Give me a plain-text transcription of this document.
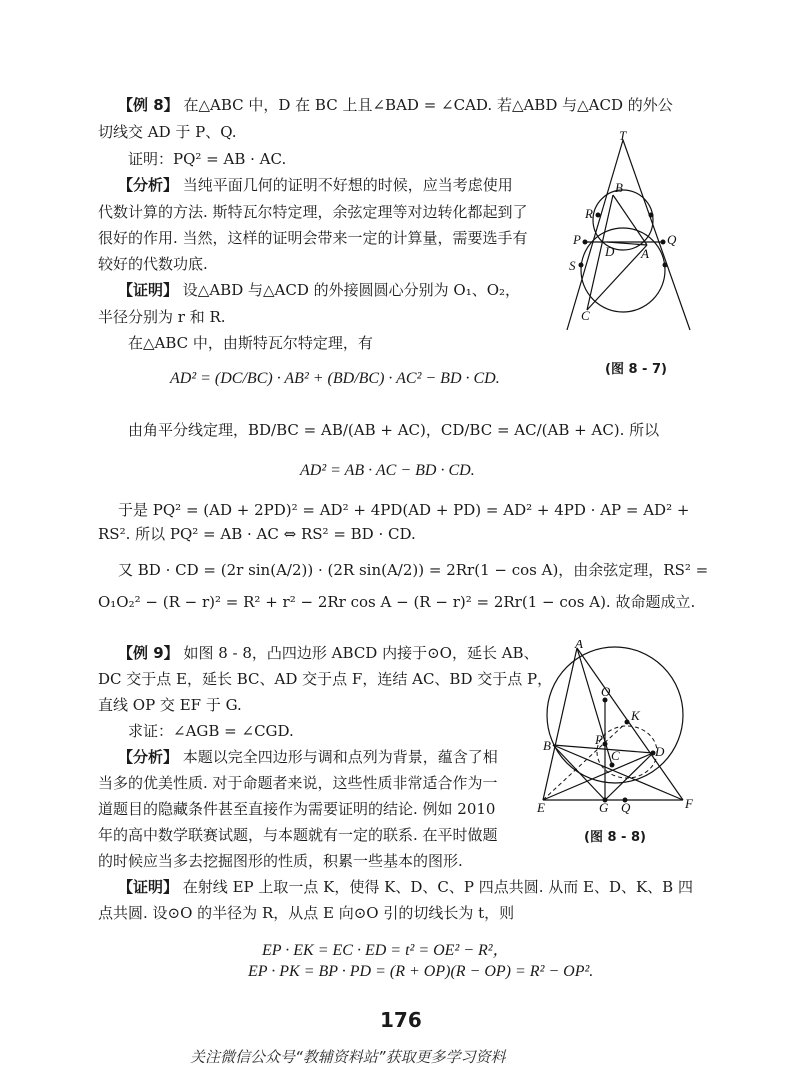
【例 8】 在△ABC 中，D 在 BC 上且∠BAD = ∠CAD. 若△ABD 与△ACD 的外公
切线交 AD 于 P、Q.
证明：PQ² = AB · AC.
【分析】 当纯平面几何的证明不好想的时候，应当考虑使用
代数计算的方法. 斯特瓦尔特定理，余弦定理等对边转化都起到了
很好的作用. 当然，这样的证明会带来一定的计算量，需要选手有
较好的代数功底.
【证明】 设△ABD 与△ACD 的外接圆圆心分别为 O₁、O₂，
半径分别为 r 和 R.
在△ABC 中，由斯特瓦尔特定理，有
AD² = (DC/BC) · AB² + (BD/BC) · AC² − BD · CD.
由角平分线定理，BD/BC = AB/(AB + AC)，CD/BC = AC/(AB + AC). 所以
AD² = AB · AC − BD · CD.
于是 PQ² = (AD + 2PD)² = AD² + 4PD(AD + PD) = AD² + 4PD · AP = AD² +
RS². 所以 PQ² = AB · AC ⇔ RS² = BD · CD.
又 BD · CD = (2r sin(A/2)) · (2R sin(A/2)) = 2Rr(1 − cos A)，由余弦定理，RS² =
O₁O₂² − (R − r)² = R² + r² − 2Rr cos A − (R − r)² = 2Rr(1 − cos A). 故命题成立.
T
B
R
P
D A
Q
S
C
(图 8 - 7)
【例 9】 如图 8 - 8，凸四边形 ABCD 内接于⊙O，延长 AB、
DC 交于点 E，延长 BC、AD 交于点 F，连结 AC、BD 交于点 P，
直线 OP 交 EF 于 G.
求证：∠AGB = ∠CGD.
【分析】 本题以完全四边形与调和点列为背景，蕴含了相
当多的优美性质. 对于命题者来说，这些性质非常适合作为一
道题目的隐藏条件甚至直接作为需要证明的结论. 例如 2010
年的高中数学联赛试题，与本题就有一定的联系. 在平时做题
的时候应当多去挖掘图形的性质，积累一些基本的图形.
【证明】 在射线 EP 上取一点 K，使得 K、D、C、P 四点共圆. 从而 E、D、K、B 四
点共圆. 设⊙O 的半径为 R，从点 E 向⊙O 引的切线长为 t，则
EP · EK = EC · ED = t² = OE² − R²，
EP · PK = BP · PD = (R + OP)(R − OP) = R² − OP².
A
O
K
P
B
C	D
E	G Q	F
(图 8 - 8)
176
关注微信公众号“教辅资料站”获取更多学习资料
